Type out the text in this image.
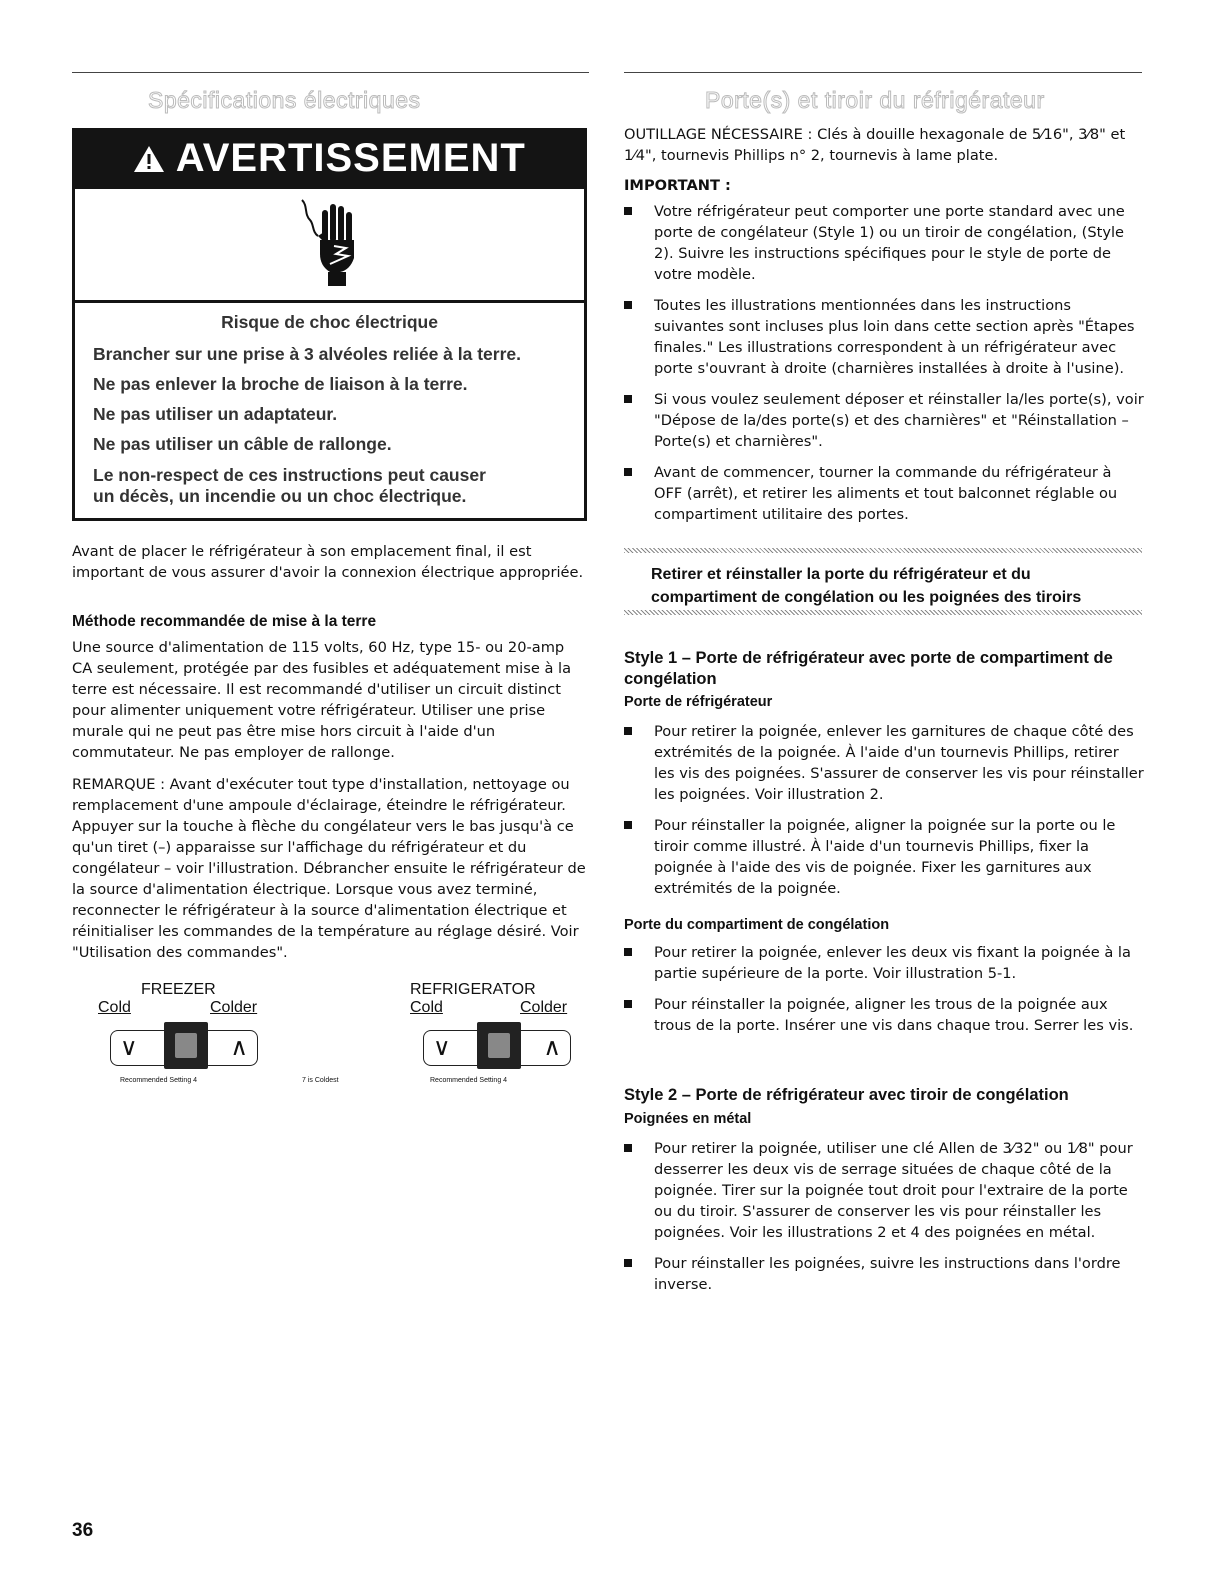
Spécifications électriques
AVERTISSEMENT
Risque de choc électrique
Brancher sur une prise à 3 alvéoles reliée à la terre.
Ne pas enlever la broche de liaison à la terre.
Ne pas utiliser un adaptateur.
Ne pas utiliser un câble de rallonge.
Le non-respect de ces instructions peut causer
un décès, un incendie ou un choc électrique.

Avant de placer le réfrigérateur à son emplacement final, il est important de vous assurer d'avoir la connexion électrique appropriée.

Méthode recommandée de mise à la terre

Une source d'alimentation de 115 volts, 60 Hz, type 15- ou 20-amp CA seulement, protégée par des fusibles et adéquatement mise à la terre est nécessaire. Il est recommandé d'utiliser un circuit distinct pour alimenter uniquement votre réfrigérateur. Utiliser une prise murale qui ne peut pas être mise hors circuit à l'aide d'un commutateur. Ne pas employer de rallonge.

REMARQUE : Avant d'exécuter tout type d'installation, nettoyage ou remplacement d'une ampoule d'éclairage, éteindre le réfrigérateur. Appuyer sur la touche à flèche du congélateur vers le bas jusqu'à ce qu'un tiret (–) apparaisse sur l'affichage du réfrigérateur et du congélateur – voir l'illustration. Débrancher ensuite le réfrigérateur de la source d'alimentation électrique. Lorsque vous avez terminé, reconnecter le réfrigérateur à la source d'alimentation électrique et réinitialiser les commandes de la température au réglage désiré. Voir "Utilisation des commandes".

FREEZER
Cold	Colder
∨	∧
Recommended Setting 4	7 is Coldest
REFRIGERATOR
Cold	Colder
∨	∧
Recommended Setting 4
36
Porte(s) et tiroir du réfrigérateur

OUTILLAGE NÉCESSAIRE : Clés à douille hexagonale de 5⁄16", 3⁄8" et 1⁄4", tournevis Phillips n° 2, tournevis à lame plate.

IMPORTANT :

Votre réfrigérateur peut comporter une porte standard avec une porte de congélateur (Style 1) ou un tiroir de congélation, (Style 2). Suivre les instructions spécifiques pour le style de porte de votre modèle.
Toutes les illustrations mentionnées dans les instructions suivantes sont incluses plus loin dans cette section après "Étapes finales." Les illustrations correspondent à un réfrigérateur avec porte s'ouvrant à droite (charnières installées à droite à l'usine).
Si vous voulez seulement déposer et réinstaller la/les porte(s), voir "Dépose de la/des porte(s) et des charnières" et "Réinstallation – Porte(s) et charnières".
Avant de commencer, tourner la commande du réfrigérateur à OFF (arrêt), et retirer les aliments et tout balconnet réglable ou compartiment utilitaire des portes.

Retirer et réinstaller la porte du réfrigérateur et du compartiment de congélation ou les poignées des tiroirs

Style 1 – Porte de réfrigérateur avec porte de compartiment de congélation

Porte de réfrigérateur

Pour retirer la poignée, enlever les garnitures de chaque côté des extrémités de la poignée. À l'aide d'un tournevis Phillips, retirer les vis des poignées. S'assurer de conserver les vis pour réinstaller les poignées. Voir illustration 2.
Pour réinstaller la poignée, aligner la poignée sur la porte ou le tiroir comme illustré. À l'aide d'un tournevis Phillips, fixer la poignée à l'aide des vis de poignée. Fixer les garnitures aux extrémités de la poignée.

Porte du compartiment de congélation

Pour retirer la poignée, enlever les deux vis fixant la poignée à la partie supérieure de la porte. Voir illustration 5-1.
Pour réinstaller la poignée, aligner les trous de la poignée aux trous de la porte. Insérer une vis dans chaque trou. Serrer les vis.

Style 2 – Porte de réfrigérateur avec tiroir de congélation

Poignées en métal

Pour retirer la poignée, utiliser une clé Allen de 3⁄32" ou 1⁄8" pour desserrer les deux vis de serrage situées de chaque côté de la poignée. Tirer sur la poignée tout droit pour l'extraire de la porte ou du tiroir. S'assurer de conserver les vis pour réinstaller les poignées. Voir les illustrations 2 et 4 des poignées en métal.
Pour réinstaller les poignées, suivre les instructions dans l'ordre inverse.
